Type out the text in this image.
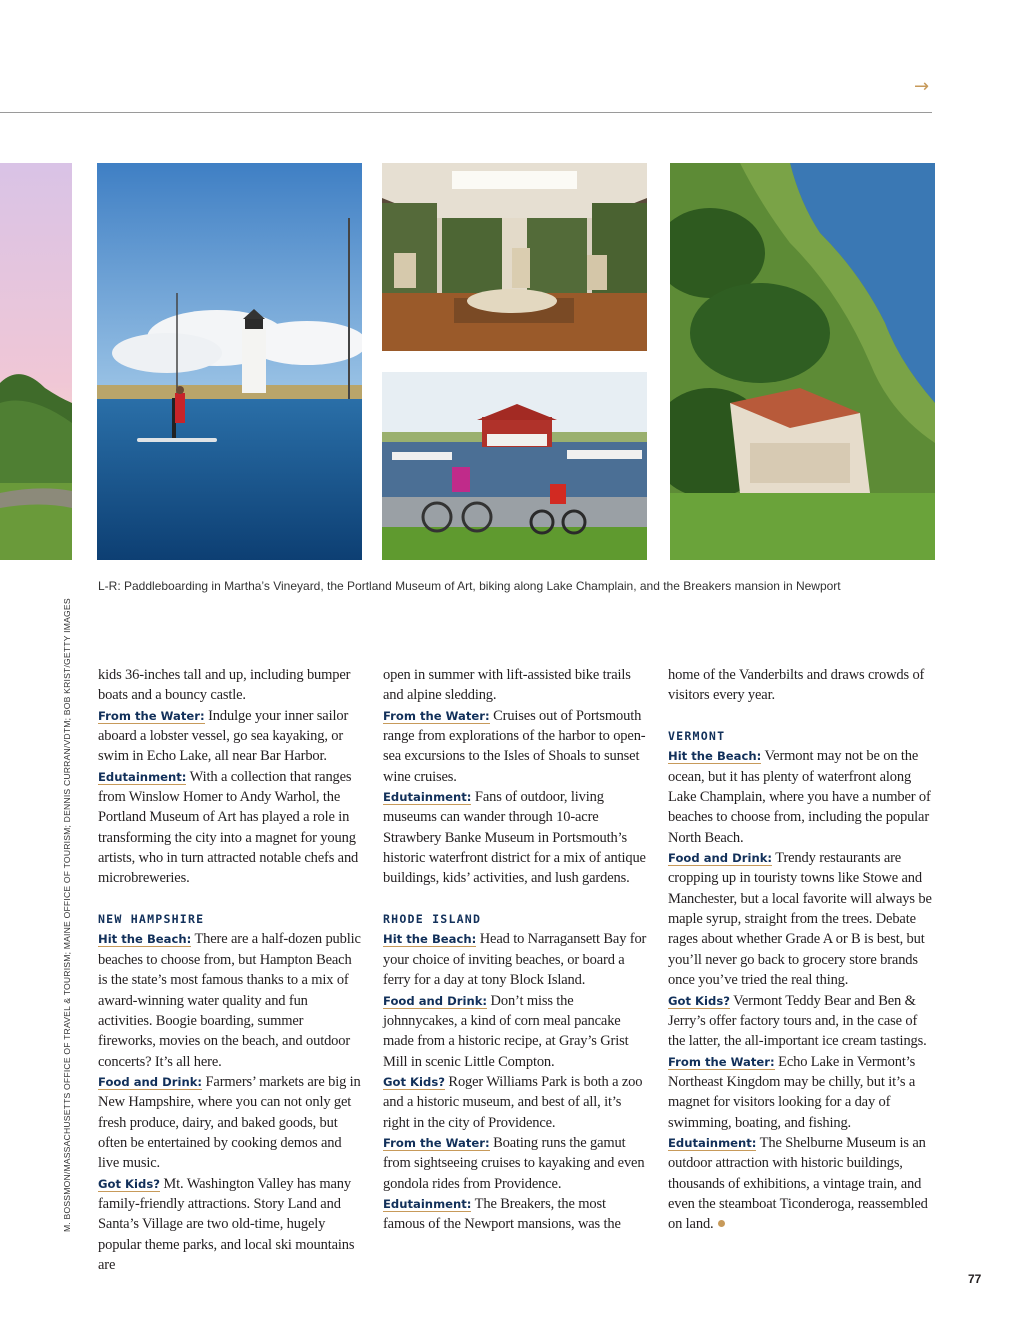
→
M. BOSSMON/MASSACHUSETTS OFFICE OF TRAVEL & TOURISM; MAINE OFFICE OF TOURISM; DENNIS CURRAN/VDTM; BOB KRIST/GETTY IMAGES
L-R: Paddleboarding in Martha’s Vineyard, the Portland Museum of Art, biking along Lake Champlain, and the Breakers mansion in Newport

kids 36-inches tall and up, including bumper boats and a bouncy castle.

From the Water: Indulge your inner sailor aboard a lobster vessel, go sea kayaking, or swim in Echo Lake, all near Bar Harbor.

Edutainment: With a collection that ranges from Winslow Homer to Andy Warhol, the Portland Museum of Art has played a role in transforming the city into a magnet for young artists, who in turn attracted notable chefs and microbreweries.

NEW HAMPSHIRE

Hit the Beach: There are a half-dozen public beaches to choose from, but Hampton Beach is the state’s most famous thanks to a mix of award-winning water quality and fun activities. Boogie boarding, summer fireworks, movies on the beach, and outdoor concerts? It’s all here.

Food and Drink: Farmers’ markets are big in New Hampshire, where you can not only get fresh produce, dairy, and baked goods, but often be entertained by cooking demos and live music.

Got Kids? Mt. Washington Valley has many family-friendly attractions. Story Land and Santa’s Village are two old-time, hugely popular theme parks, and local ski mountains are

open in summer with lift-assisted bike trails and alpine sledding.

From the Water: Cruises out of Portsmouth range from explorations of the harbor to open-sea excursions to the Isles of Shoals to sunset wine cruises.

Edutainment: Fans of outdoor, living museums can wander through 10-acre Strawbery Banke Museum in Portsmouth’s historic waterfront district for a mix of antique buildings, kids’ activities, and lush gardens.

RHODE ISLAND

Hit the Beach: Head to Narragansett Bay for your choice of inviting beaches, or board a ferry for a day at tony Block Island.

Food and Drink: Don’t miss the johnnycakes, a kind of corn meal pancake made from a historic recipe, at Gray’s Grist Mill in scenic Little Compton.

Got Kids? Roger Williams Park is both a zoo and a historic museum, and best of all, it’s right in the city of Providence.

From the Water: Boating runs the gamut from sightseeing cruises to kayaking and even gondola rides from Providence.

Edutainment: The Breakers, the most famous of the Newport mansions, was the

home of the Vanderbilts and draws crowds of visitors every year.

VERMONT

Hit the Beach: Vermont may not be on the ocean, but it has plenty of waterfront along Lake Champlain, where you have a number of beaches to choose from, including the popular North Beach.

Food and Drink: Trendy restaurants are cropping up in touristy towns like Stowe and Manchester, but a local favorite will always be maple syrup, straight from the trees. Debate rages about whether Grade A or B is best, but you’ll never go back to grocery store brands once you’ve tried the real thing.

Got Kids? Vermont Teddy Bear and Ben & Jerry’s offer factory tours and, in the case of the latter, the all-important ice cream tastings.

From the Water: Echo Lake in Vermont’s Northeast Kingdom may be chilly, but it’s a magnet for visitors looking for a day of swimming, boating, and fishing.

Edutainment: The Shelburne Museum is an outdoor attraction with historic buildings, thousands of exhibitions, a vintage train, and even the steamboat Ticonderoga, reassembled on land.

77
